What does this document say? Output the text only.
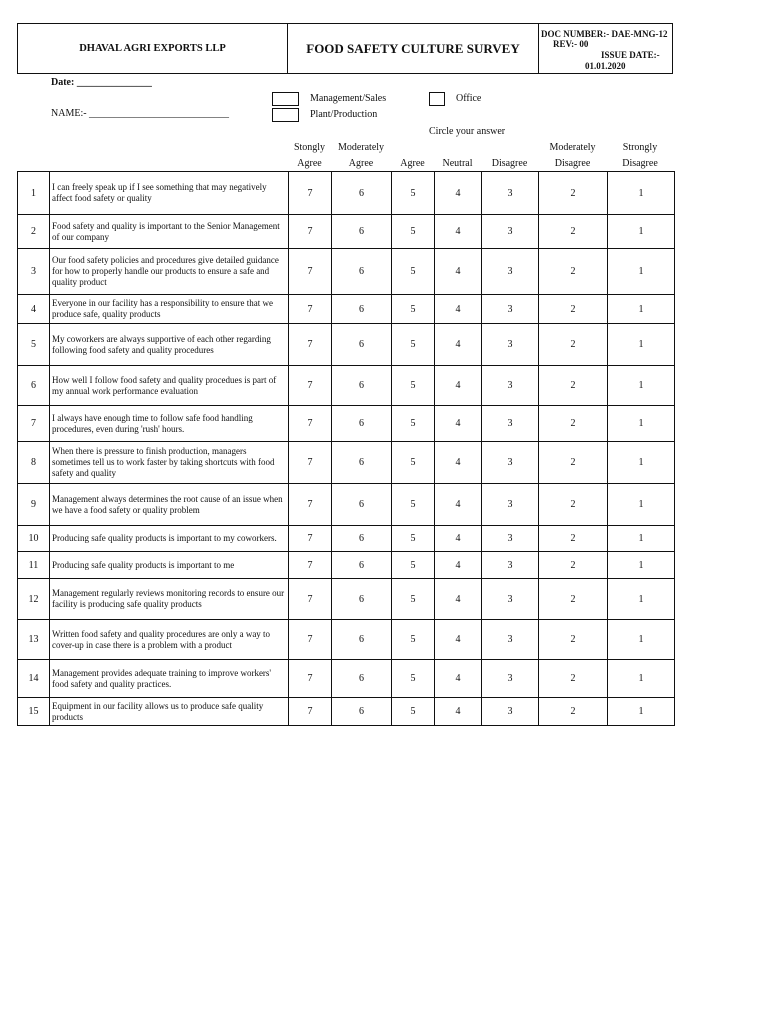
DHAVAL AGRI EXPORTS LLP	FOOD SAFETY CULTURE SURVEY
DOC NUMBER:- DAE-MNG-12
REV:- 00
ISSUE DATE:-
01.01.2020
Date: _______________
NAME:- ____________________________
Management/Sales	Office
Plant/Production
Circle your answer
Stongly
Agree
Moderately
Agree	Agree	Neutral	Disagree
Moderately
Disagree
Strongly
Disagree
1	I can freely speak up if I see something that may negatively affect food safety or quality	7	6	5	4	3	2	1
2	Food safety and quality is important to the Senior Management of our company	7	6	5	4	3	2	1
3	Our food safety policies and procedures give detailed guidance for how to properly handle our products to ensure a safe and quality product	7	6	5	4	3	2	1
4	Everyone in our facility has a responsibility to ensure that we produce safe, quality products	7	6	5	4	3	2	1
5	My coworkers are always supportive of each other regarding following food safety and quality procedures	7	6	5	4	3	2	1
6	How well I follow food safety and quality procedues is part of my annual work performance evaluation	7	6	5	4	3	2	1
7	I always have enough time to follow safe food handling procedures, even during 'rush' hours.	7	6	5	4	3	2	1
8	When there is pressure to finish production, managers sometimes tell us to work faster by taking shortcuts with food safety and quality	7	6	5	4	3	2	1
9	Management always determines the root cause of an issue when we have a food safety or quality problem	7	6	5	4	3	2	1
10	Producing safe quality products is important to my coworkers.	7	6	5	4	3	2	1
11	Producing safe quality products is important to me	7	6	5	4	3	2	1
12	Management regularly reviews monitoring records to ensure our facility is producing safe quality products	7	6	5	4	3	2	1
13	Written food safety and quality procedures are only a way to cover-up in case there is a problem with a product	7	6	5	4	3	2	1
14	Management provides adequate training to improve workers' food safety and quality practices.	7	6	5	4	3	2	1
15	Equipment in our facility allows us to produce safe quality products	7	6	5	4	3	2	1
